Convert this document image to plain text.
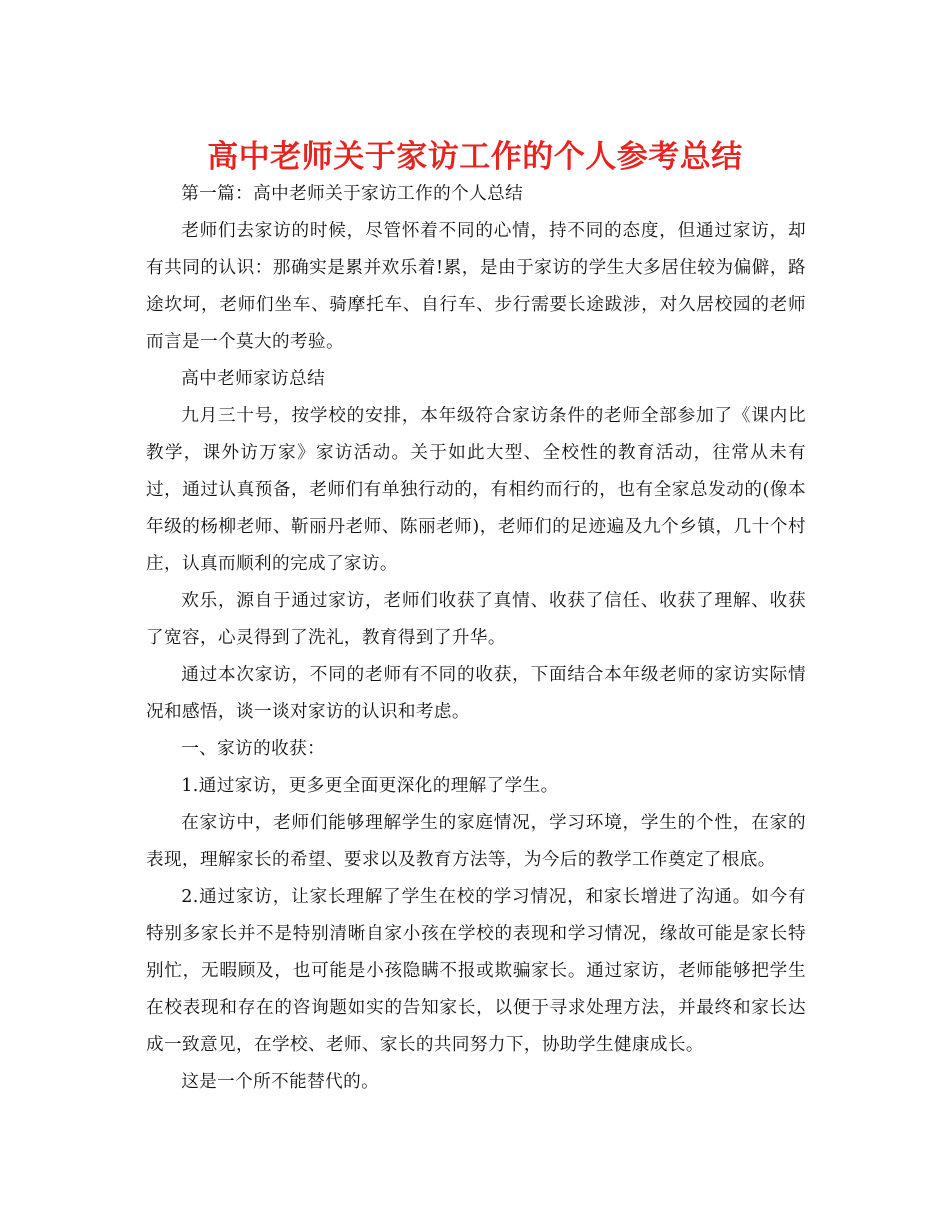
高中老师关于家访工作的个人参考总结

第一篇：高中老师关于家访工作的个人总结

老师们去家访的时候，尽管怀着不同的心情，持不同的态度，但通过家访，却有共同的认识：那确实是累并欢乐着!累，是由于家访的学生大多居住较为偏僻，路途坎坷，老师们坐车、骑摩托车、自行车、步行需要长途跋涉，对久居校园的老师而言是一个莫大的考验。

高中老师家访总结

九月三十号，按学校的安排，本年级符合家访条件的老师全部参加了《课内比教学，课外访万家》家访活动。关于如此大型、全校性的教育活动，往常从未有过，通过认真预备，老师们有单独行动的，有相约而行的，也有全家总发动的(像本年级的杨柳老师、靳丽丹老师、陈丽老师)，老师们的足迹遍及九个乡镇，几十个村庄，认真而顺利的完成了家访。

欢乐，源自于通过家访，老师们收获了真情、收获了信任、收获了理解、收获了宽容，心灵得到了洗礼，教育得到了升华。

通过本次家访，不同的老师有不同的收获，下面结合本年级老师的家访实际情况和感悟，谈一谈对家访的认识和考虑。

一、家访的收获：

1.通过家访，更多更全面更深化的理解了学生。

在家访中，老师们能够理解学生的家庭情况，学习环境，学生的个性，在家的表现，理解家长的希望、要求以及教育方法等，为今后的教学工作奠定了根底。

2.通过家访，让家长理解了学生在校的学习情况，和家长增进了沟通。如今有特别多家长并不是特别清晰自家小孩在学校的表现和学习情况，缘故可能是家长特别忙，无暇顾及，也可能是小孩隐瞒不报或欺骗家长。通过家访，老师能够把学生在校表现和存在的咨询题如实的告知家长，以便于寻求处理方法，并最终和家长达成一致意见，在学校、老师、家长的共同努力下，协助学生健康成长。

这是一个所不能替代的。
